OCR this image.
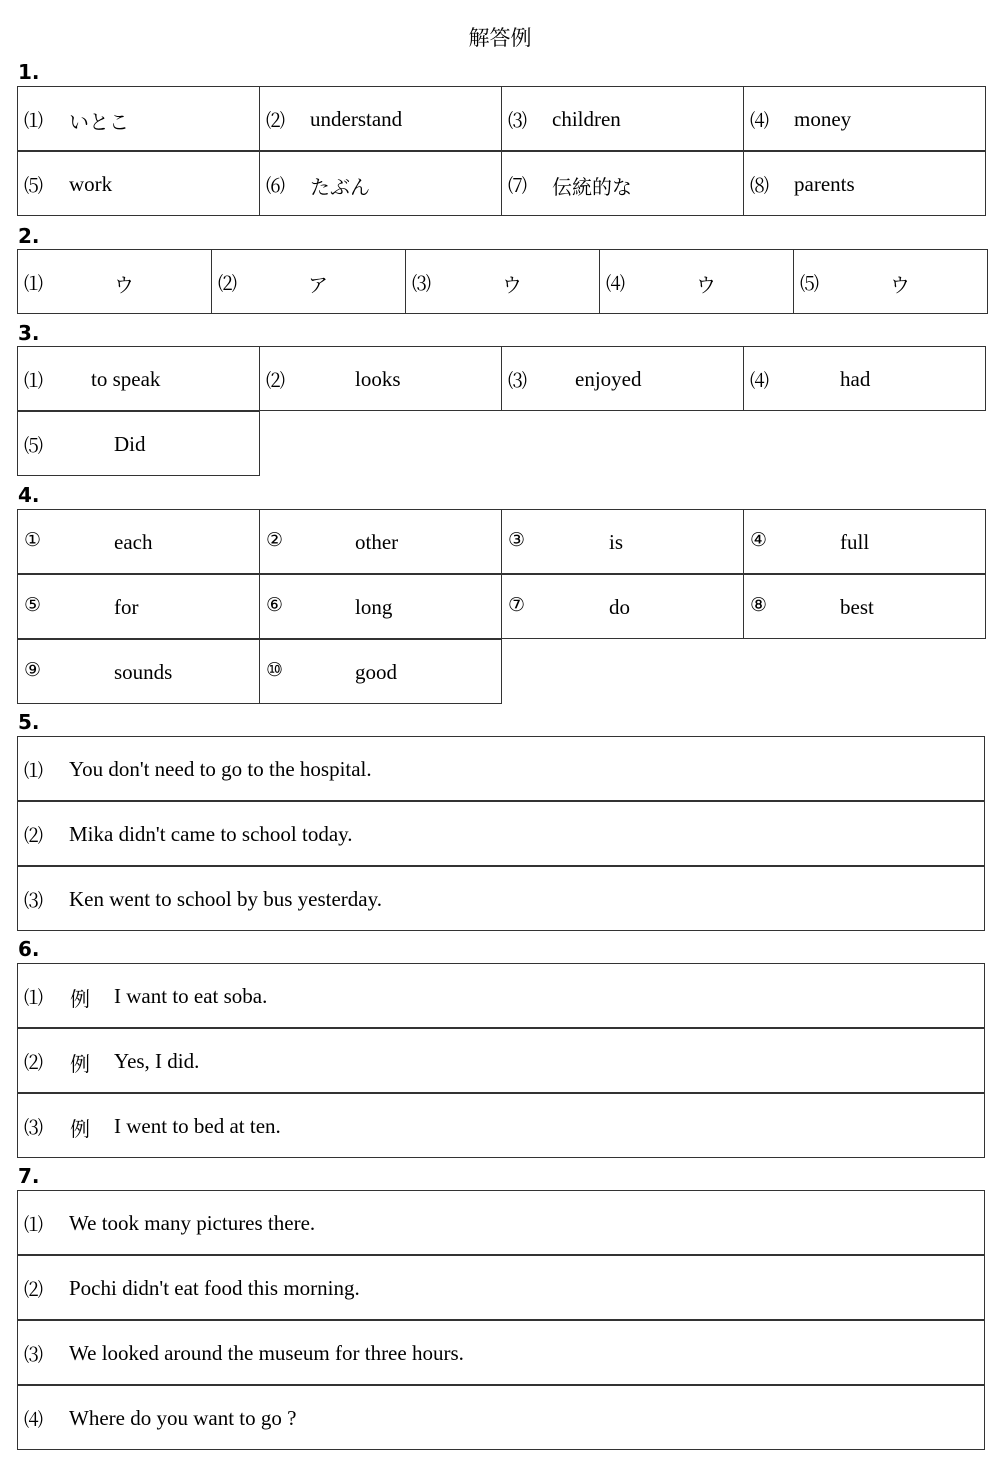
解答例
1.
⑴ いとこ	⑵ understand	⑶ children	⑷ money
⑸ work	⑹ たぶん	⑺ 伝統的な	⑻ parents
2.
⑴	ウ	⑵	ア	⑶	ウ	⑷	ウ	⑸	ウ
3.
⑴ to speak	⑵	looks	⑶ enjoyed	⑷	had
⑸	Did
4.
①	each	②	other	③	is	④	full
⑤	for	⑥	long	⑦	do	⑧	best
⑨	sounds	⑩	good
5.
⑴ You don't need to go to the hospital.
⑵ Mika didn't came to school today.
⑶ Ken went to school by bus yesterday.
6.
⑴ 例 I want to eat soba.
⑵ 例 Yes, I did.
⑶ 例 I went to bed at ten.
7.
⑴ We took many pictures there.
⑵ Pochi didn't eat food this morning.
⑶ We looked around the museum for three hours.
⑷ Where do you want to go ?
